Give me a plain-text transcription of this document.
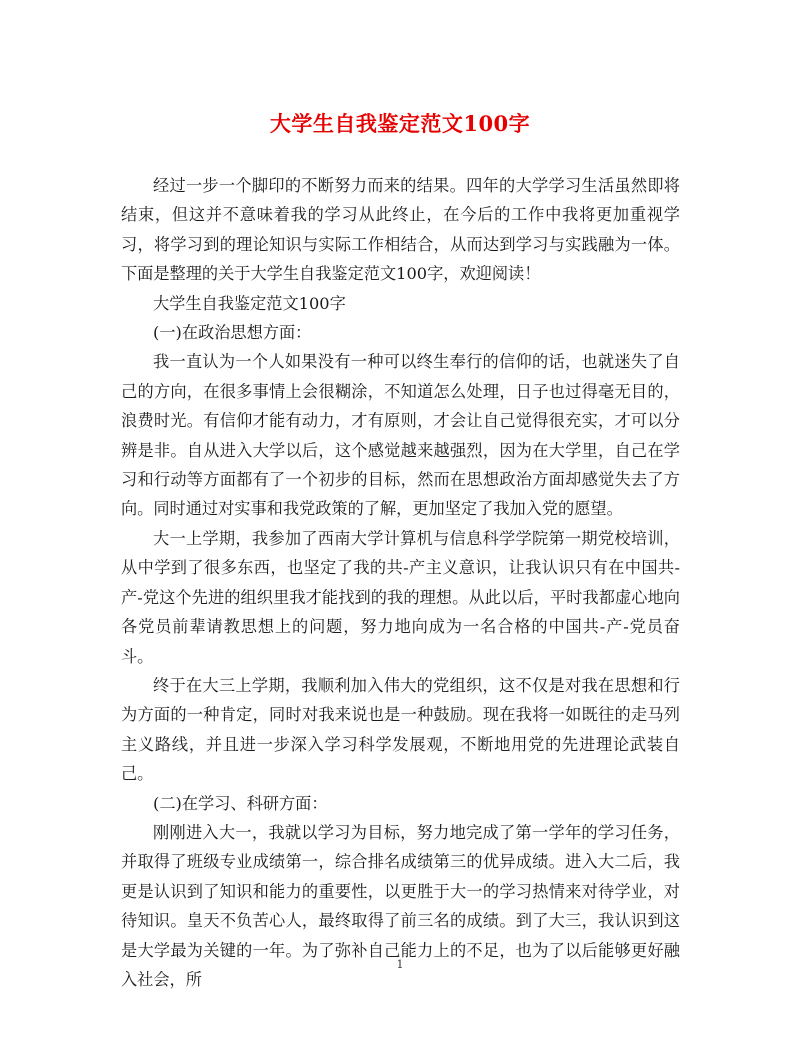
大学生自我鉴定范文100字

经过一步一个脚印的不断努力而来的结果。四年的大学学习生活虽然即将结束，但这并不意味着我的学习从此终止，在今后的工作中我将更加重视学习，将学习到的理论知识与实际工作相结合，从而达到学习与实践融为一体。下面是整理的关于大学生自我鉴定范文100字，欢迎阅读！

大学生自我鉴定范文100字

(一)在政治思想方面：

我一直认为一个人如果没有一种可以终生奉行的信仰的话，也就迷失了自己的方向，在很多事情上会很糊涂，不知道怎么处理，日子也过得毫无目的，浪费时光。有信仰才能有动力，才有原则，才会让自己觉得很充实，才可以分辨是非。自从进入大学以后，这个感觉越来越强烈，因为在大学里，自己在学习和行动等方面都有了一个初步的目标，然而在思想政治方面却感觉失去了方向。同时通过对实事和我党政策的了解，更加坚定了我加入党的愿望。

大一上学期，我参加了西南大学计算机与信息科学学院第一期党校培训，从中学到了很多东西，也坚定了我的共-产主义意识，让我认识只有在中国共-产-党这个先进的组织里我才能找到的我的理想。从此以后，平时我都虚心地向各党员前辈请教思想上的问题，努力地向成为一名合格的中国共-产-党员奋斗。

终于在大三上学期，我顺利加入伟大的党组织，这不仅是对我在思想和行为方面的一种肯定，同时对我来说也是一种鼓励。现在我将一如既往的走马列主义路线，并且进一步深入学习科学发展观，不断地用党的先进理论武装自己。

(二)在学习、科研方面：

刚刚进入大一，我就以学习为目标，努力地完成了第一学年的学习任务，并取得了班级专业成绩第一，综合排名成绩第三的优异成绩。进入大二后，我更是认识到了知识和能力的重要性，以更胜于大一的学习热情来对待学业，对待知识。皇天不负苦心人，最终取得了前三名的成绩。到了大三，我认识到这是大学最为关键的一年。为了弥补自己能力上的不足，也为了以后能够更好融入社会，所

1
